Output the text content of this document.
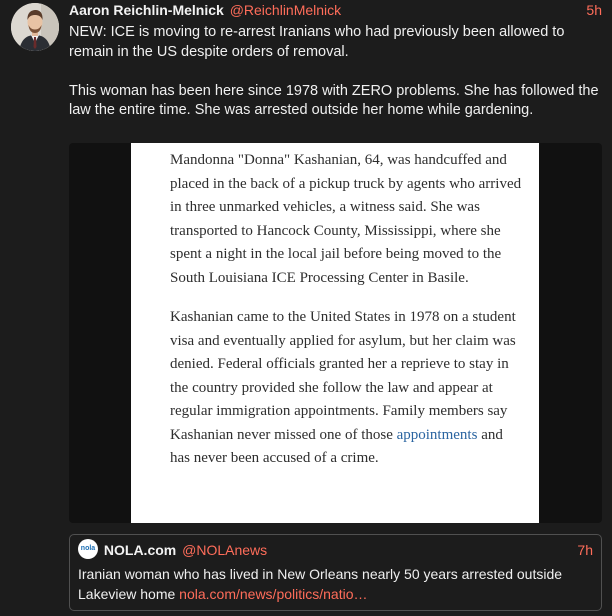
Aaron Reichlin-Melnick @ReichlinMelnick	5h

NEW: ICE is moving to re-arrest Iranians who had previously been allowed to remain in the US despite orders of removal.

This woman has been here since 1978 with ZERO problems. She has followed the law the entire time. She was arrested outside her home while gardening.

Mandonna "Donna" Kashanian, 64, was handcuffed and placed in the back of a pickup truck by agents who arrived in three unmarked vehicles, a witness said. She was transported to Hancock County, Mississippi, where she spent a night in the local jail before being moved to the South Louisiana ICE Processing Center in Basile.

Kashanian came to the United States in 1978 on a student visa and eventually applied for asylum, but her claim was denied. Federal officials granted her a reprieve to stay in the country provided she follow the law and appear at regular immigration appointments. Family members say Kashanian never missed one of those appointments and has never been accused of a crime.

nola NOLA.com @NOLAnews	7h
Iranian woman who has lived in New Orleans nearly 50 years arrested outside Lakeview home nola.com/news/politics/natio…
